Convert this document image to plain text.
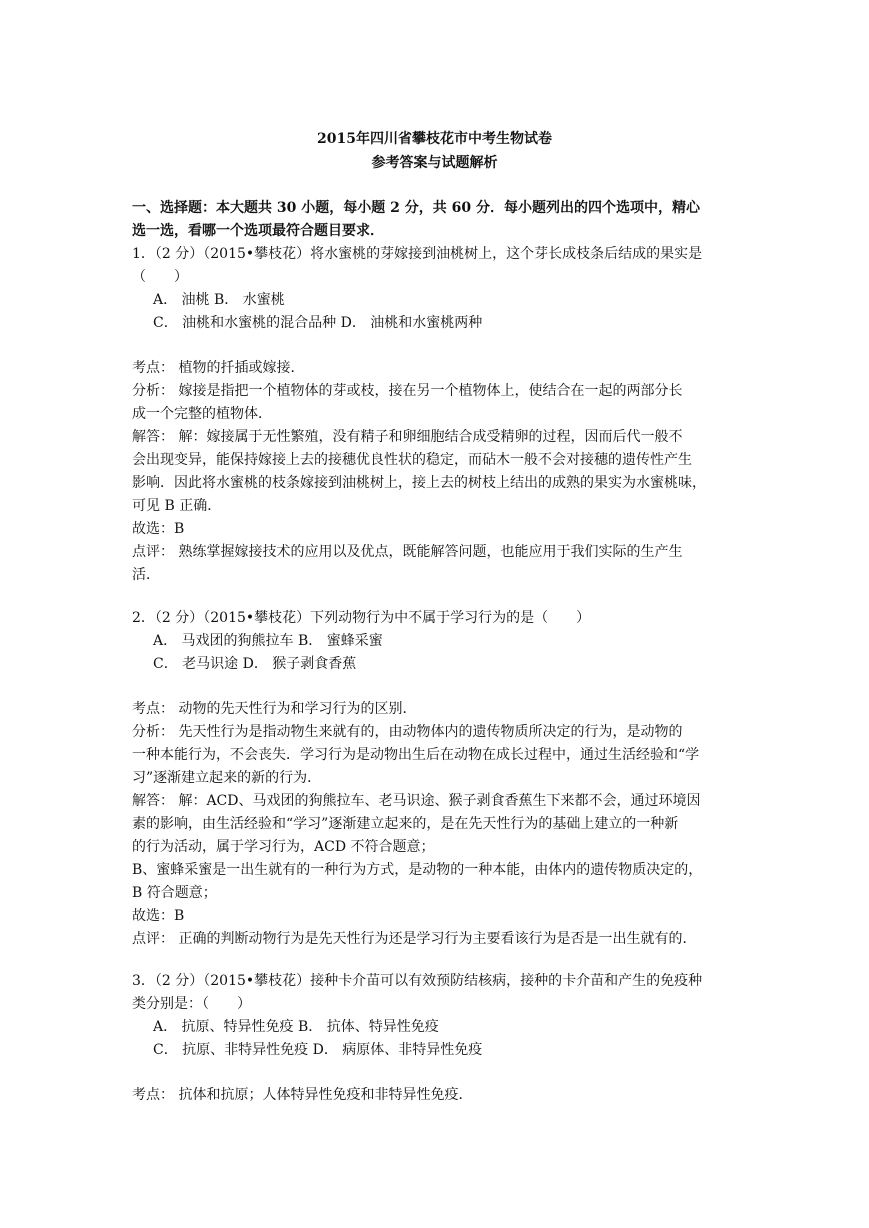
2015年四川省攀枝花市中考生物试卷
参考答案与试题解析
一、选择题：本大题共 30 小题，每小题 2 分，共 60 分．每小题列出的四个选项中，精心
选一选，看哪一个选项最符合题目要求．
1．（2 分）（2015•攀枝花）将水蜜桃的芽嫁接到油桃树上，这个芽长成枝条后结成的果实是
（　　）
A． 油桃 B． 水蜜桃
C． 油桃和水蜜桃的混合品种 D． 油桃和水蜜桃两种
考点： 植物的扦插或嫁接．
分析： 嫁接是指把一个植物体的芽或枝，接在另一个植物体上，使结合在一起的两部分长
成一个完整的植物体．
解答： 解：嫁接属于无性繁殖，没有精子和卵细胞结合成受精卵的过程，因而后代一般不
会出现变异，能保持嫁接上去的接穗优良性状的稳定，而砧木一般不会对接穗的遗传性产生
影响．因此将水蜜桃的枝条嫁接到油桃树上，接上去的树枝上结出的成熟的果实为水蜜桃味，
可见 B 正确．
故选：B
点评： 熟练掌握嫁接技术的应用以及优点，既能解答问题，也能应用于我们实际的生产生
活．
2．（2 分）（2015•攀枝花）下列动物行为中不属于学习行为的是（　　）
A． 马戏团的狗熊拉车 B． 蜜蜂采蜜
C． 老马识途 D． 猴子剥食香蕉
考点： 动物的先天性行为和学习行为的区别．
分析： 先天性行为是指动物生来就有的，由动物体内的遗传物质所决定的行为，是动物的
一种本能行为，不会丧失．学习行为是动物出生后在动物在成长过程中，通过生活经验和“学
习”逐渐建立起来的新的行为．
解答： 解：ACD、马戏团的狗熊拉车、老马识途、猴子剥食香蕉生下来都不会，通过环境因
素的影响，由生活经验和“学习”逐渐建立起来的，是在先天性行为的基础上建立的一种新
的行为活动，属于学习行为，ACD 不符合题意；
B、蜜蜂采蜜是一出生就有的一种行为方式，是动物的一种本能，由体内的遗传物质决定的，
B 符合题意；
故选：B
点评： 正确的判断动物行为是先天性行为还是学习行为主要看该行为是否是一出生就有的．
3．（2 分）（2015•攀枝花）接种卡介苗可以有效预防结核病，接种的卡介苗和产生的免疫种
类分别是：（　　）
A． 抗原、特异性免疫 B． 抗体、特异性免疫
C． 抗原、非特异性免疫 D． 病原体、非特异性免疫
考点： 抗体和抗原；人体特异性免疫和非特异性免疫．
